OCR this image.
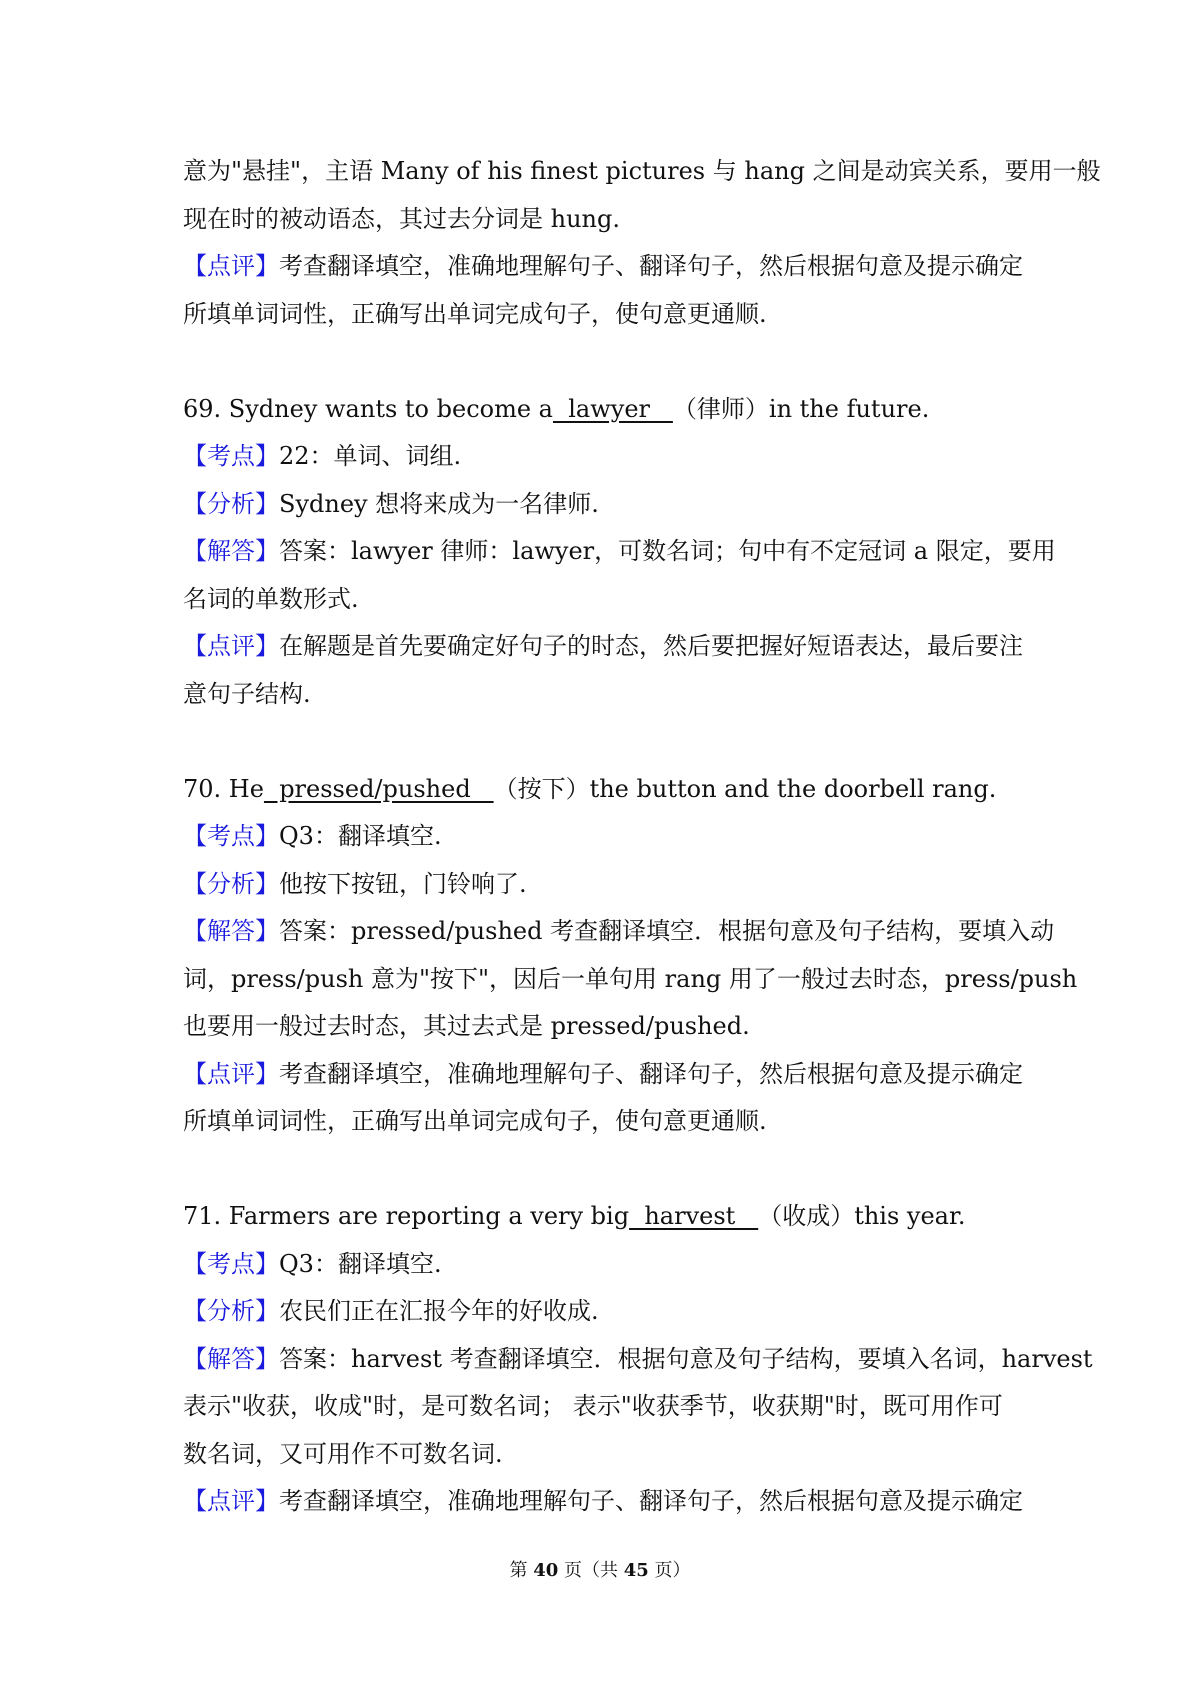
意为"悬挂"，主语 Many of his finest pictures 与 hang 之间是动宾关系，要用一般
现在时的被动语态，其过去分词是 hung.
【点评】考查翻译填空，准确地理解句子、翻译句子，然后根据句意及提示确定
所填单词词性，正确写出单词完成句子，使句意更通顺.
69. Sydney wants to become a  lawyer   （律师）in the future.
【考点】22：单词、词组.
【分析】Sydney 想将来成为一名律师.
【解答】答案：lawyer 律师：lawyer，可数名词；句中有不定冠词 a 限定，要用
名词的单数形式.
【点评】在解题是首先要确定好句子的时态，然后要把握好短语表达，最后要注
意句子结构.
70. He  pressed/pushed   （按下）the button and the doorbell rang.
【考点】Q3：翻译填空.
【分析】他按下按钮，门铃响了.
【解答】答案：pressed/pushed 考查翻译填空．根据句意及句子结构，要填入动
词，press/push 意为"按下"，因后一单句用 rang 用了一般过去时态，press/push
也要用一般过去时态，其过去式是 pressed/pushed.
【点评】考查翻译填空，准确地理解句子、翻译句子，然后根据句意及提示确定
所填单词词性，正确写出单词完成句子，使句意更通顺.
71. Farmers are reporting a very big  harvest   （收成）this year.
【考点】Q3：翻译填空.
【分析】农民们正在汇报今年的好收成.
【解答】答案：harvest 考查翻译填空．根据句意及句子结构，要填入名词，harvest
表示"收获，收成"时，是可数名词； 表示"收获季节，收获期"时，既可用作可
数名词，又可用作不可数名词.
【点评】考查翻译填空，准确地理解句子、翻译句子，然后根据句意及提示确定
第 40 页（共 45 页）
